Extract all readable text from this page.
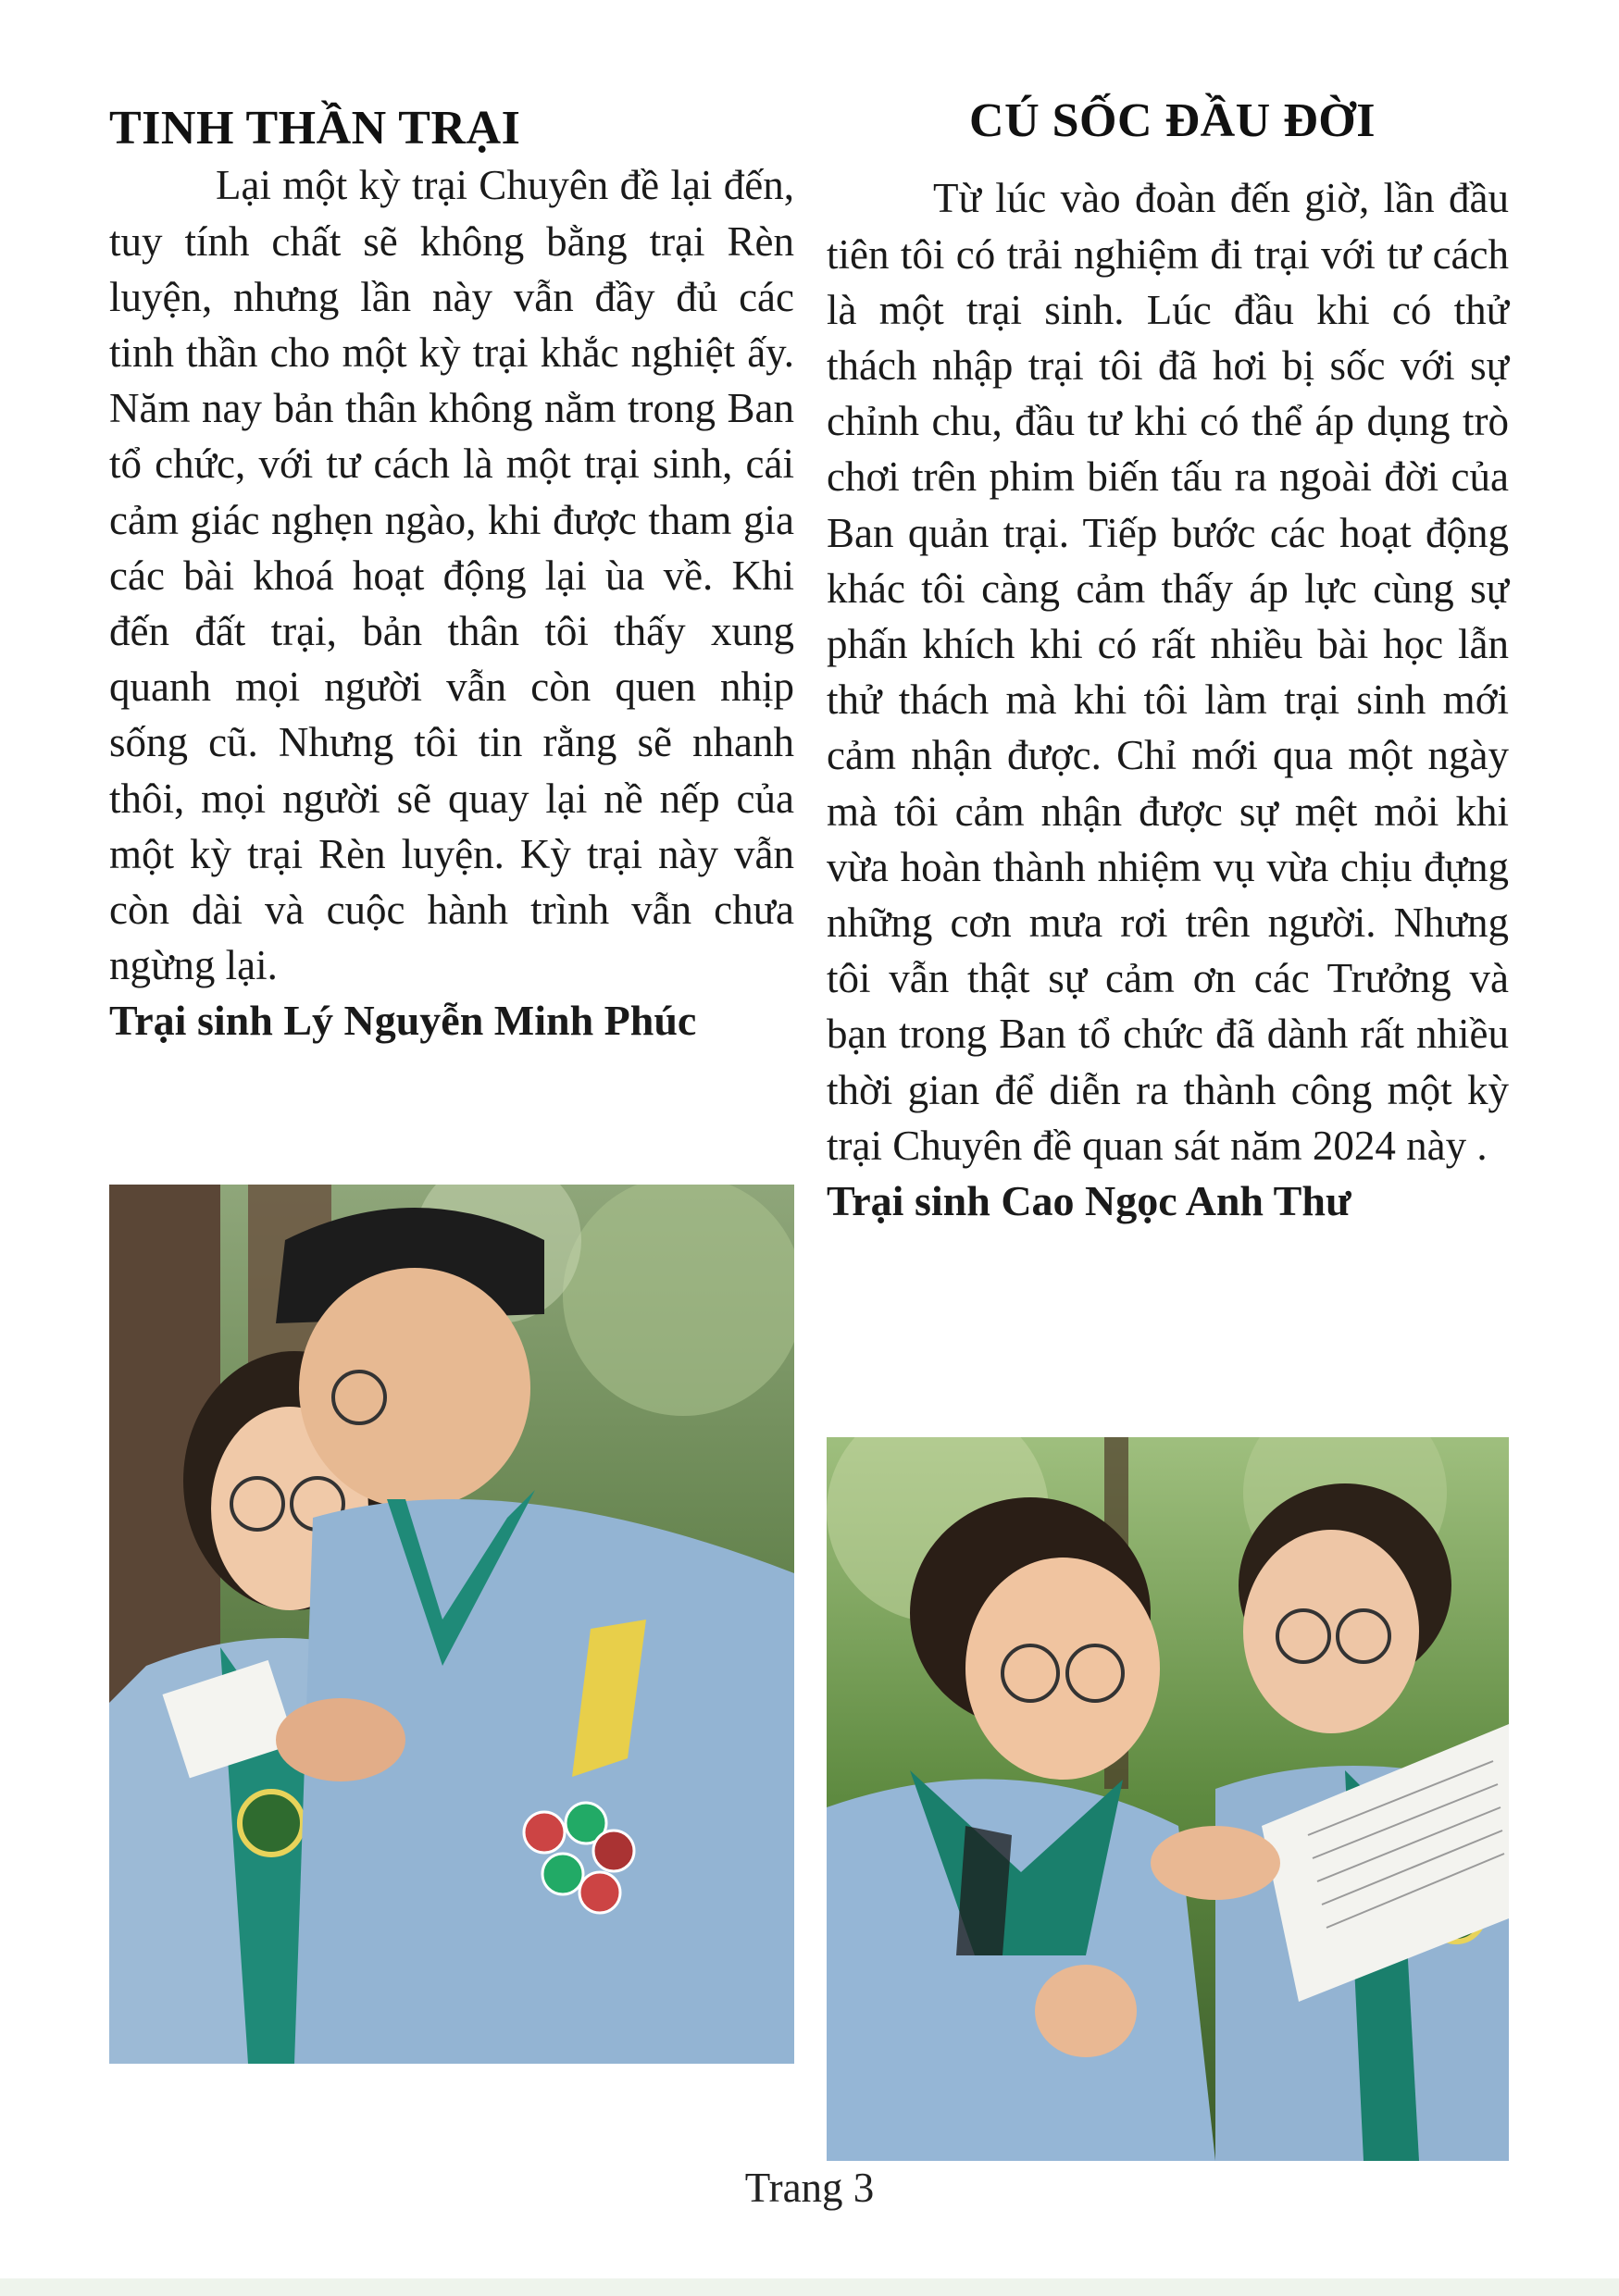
TINH THẦN TRẠI

Lại một kỳ trại Chuyên đề lại đến, tuy tính chất sẽ không bằng trại Rèn luyện, nhưng lần này vẫn đầy đủ các tinh thần cho một kỳ trại khắc nghiệt ấy. Năm nay bản thân không nằm trong Ban tổ chức, với tư cách là một trại sinh, cái cảm giác nghẹn ngào, khi được tham gia các bài khoá hoạt động lại ùa về. Khi đến đất trại, bản thân tôi thấy xung quanh mọi người vẫn còn quen nhịp sống cũ. Nhưng tôi tin rằng sẽ nhanh thôi, mọi người sẽ quay lại nề nếp của một kỳ trại Rèn luyện. Kỳ trại này vẫn còn dài và cuộc hành trình vẫn chưa ngừng lại.

Trại sinh Lý Nguyễn Minh Phúc

CÚ SỐC ĐẦU ĐỜI

Từ lúc vào đoàn đến giờ, lần đầu tiên tôi có trải nghiệm đi trại với tư cách là một trại sinh. Lúc đầu khi có thử thách nhập trại tôi đã hơi bị sốc với sự chỉnh chu, đầu tư khi có thể áp dụng trò chơi trên phim biến tấu ra ngoài đời của Ban quản trại. Tiếp bước các hoạt động khác tôi càng cảm thấy áp lực cùng sự phấn khích khi có rất nhiều bài học lẫn thử thách mà khi tôi làm trại sinh mới cảm nhận được. Chỉ mới qua một ngày mà tôi cảm nhận được sự mệt mỏi khi vừa hoàn thành nhiệm vụ vừa chịu đựng những cơn mưa rơi trên người. Nhưng tôi vẫn thật sự cảm ơn các Trưởng và bạn trong Ban tổ chức đã dành rất nhiều thời gian để diễn ra thành công một kỳ trại Chuyên đề quan sát năm 2024 này .

Trại sinh Cao Ngọc Anh Thư

Trang 3
